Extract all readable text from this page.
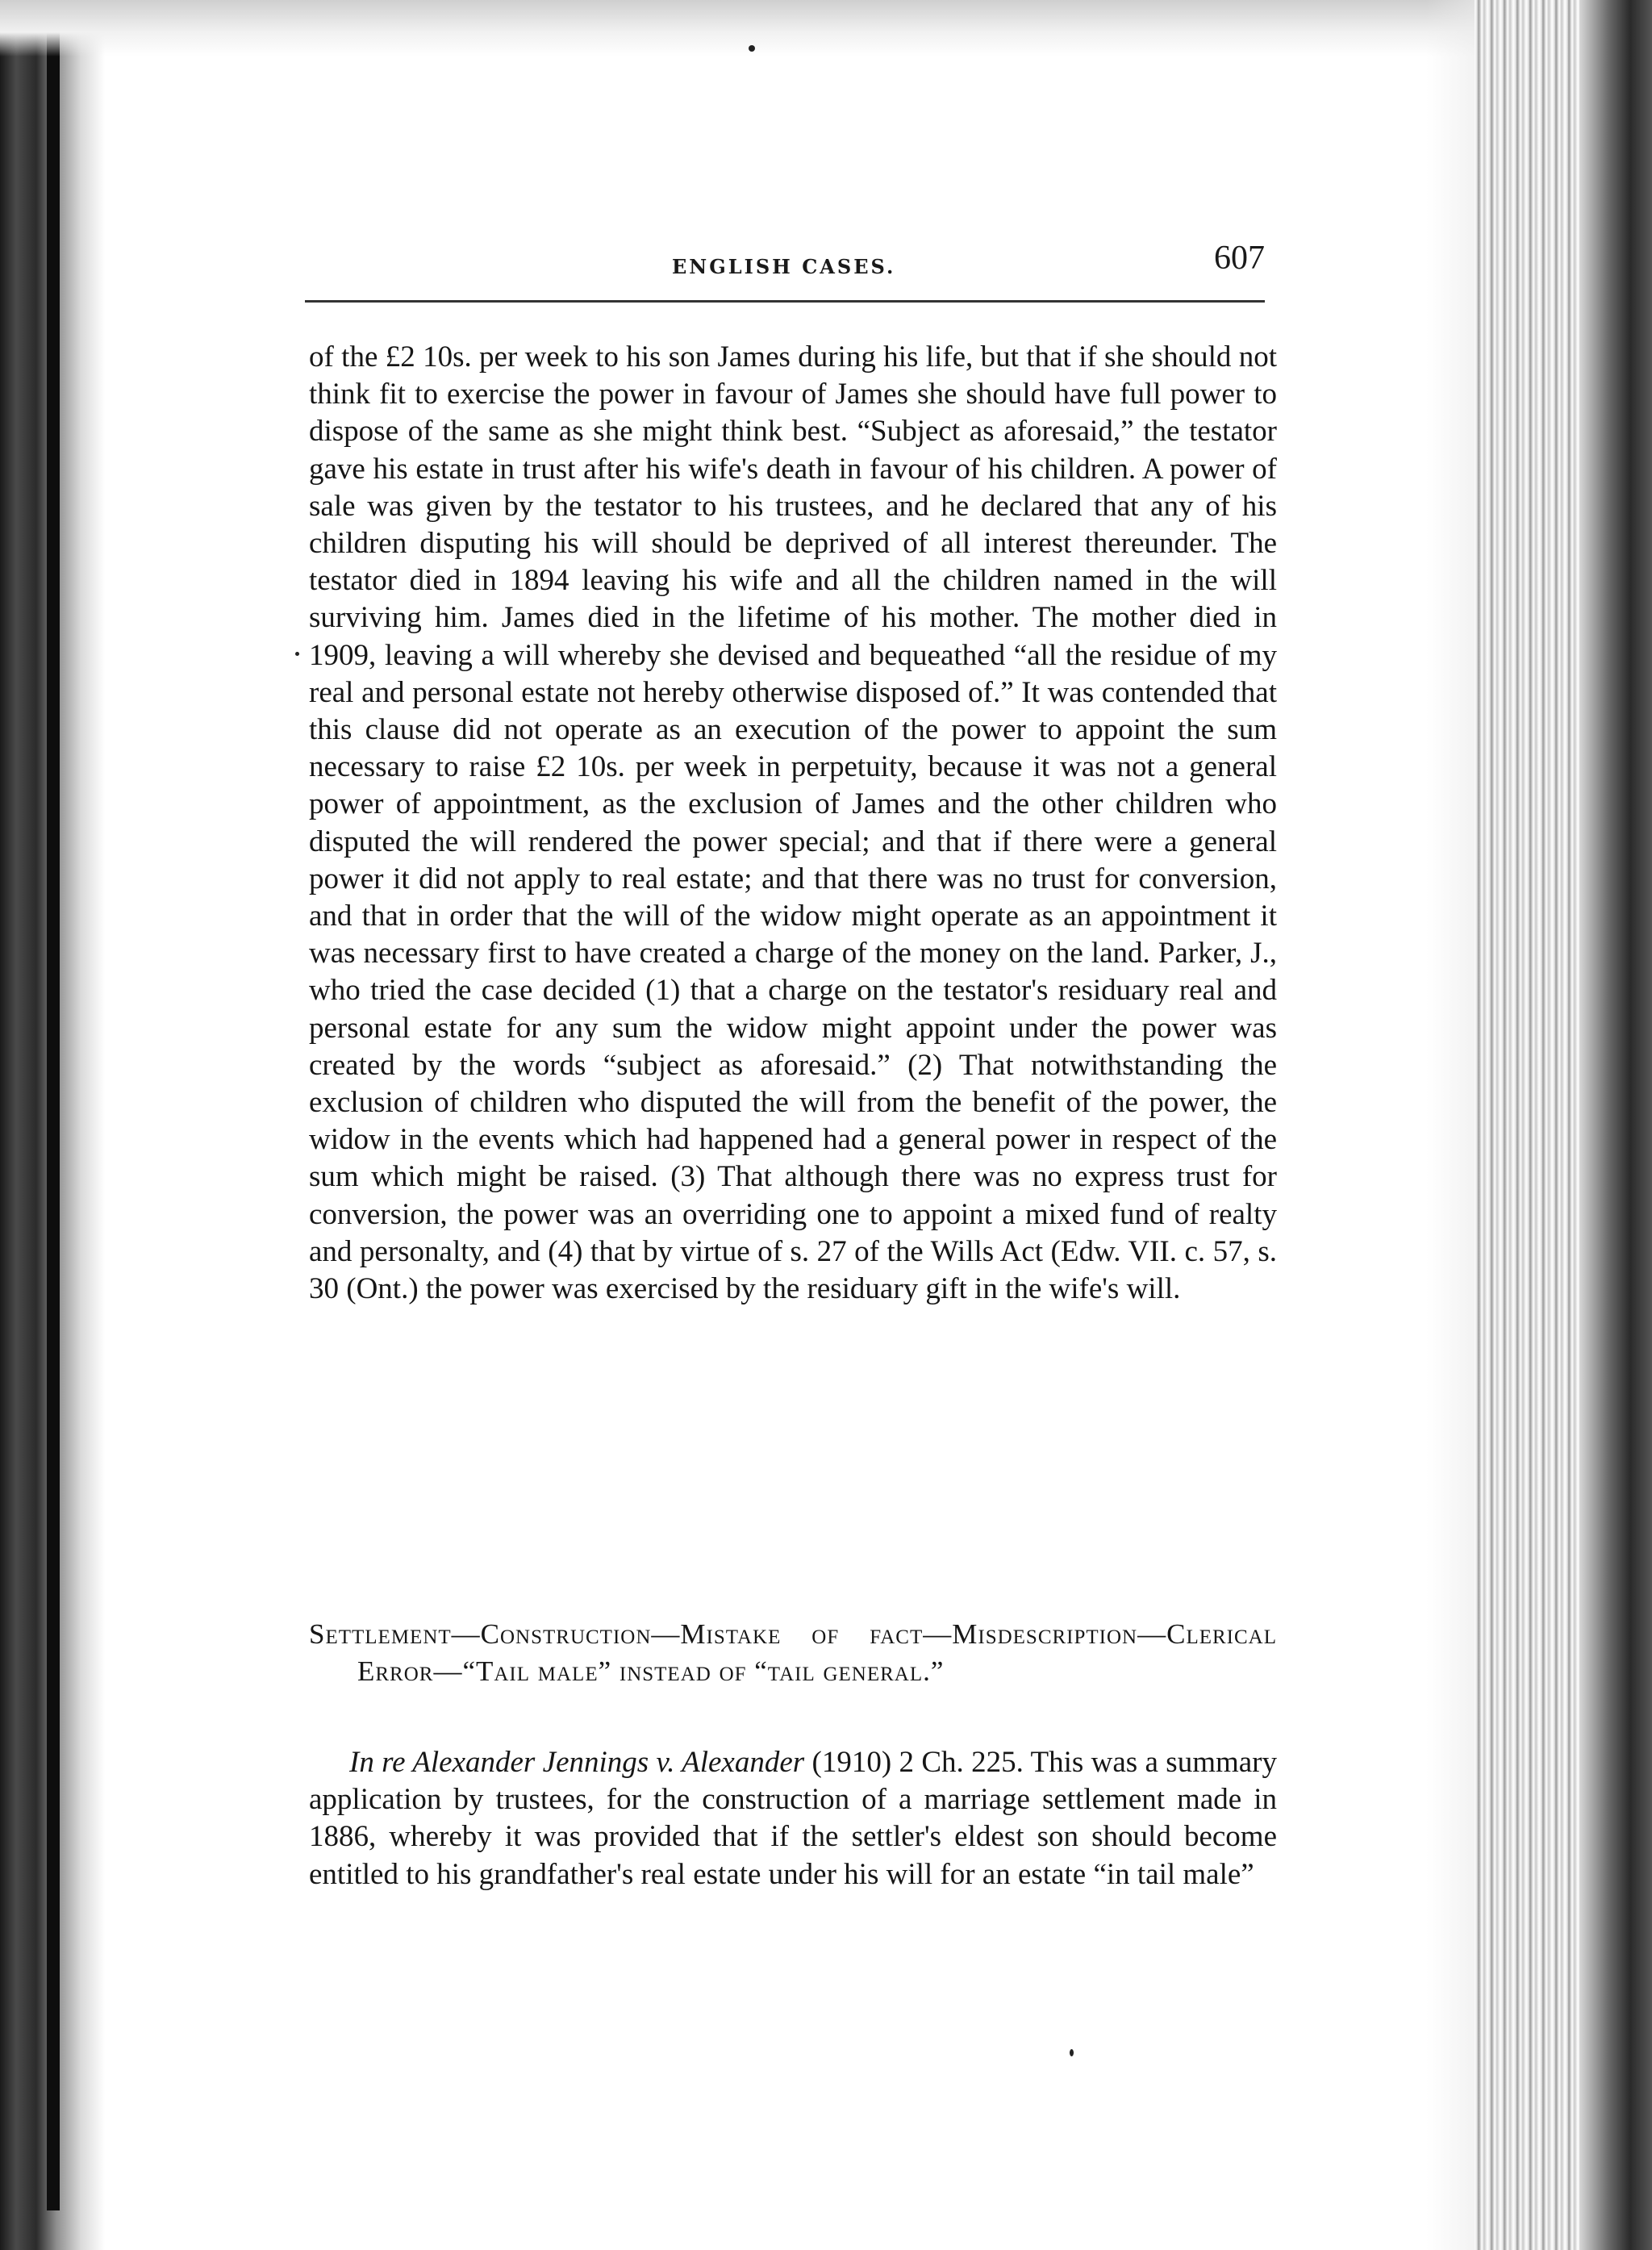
ENGLISH CASES.	607

of the £2 10s. per week to his son James during his life, but that if she should not think fit to exercise the power in favour of James she should have full power to dispose of the same as she might think best. “Subject as aforesaid,” the testator gave his estate in trust after his wife's death in favour of his children. A power of sale was given by the testator to his trustees, and he declared that any of his children disputing his will should be deprived of all interest thereunder. The testator died in 1894 leaving his wife and all the children named in the will surviving him. James died in the lifetime of his mother. The mother died in 1909, leaving a will whereby she devised and bequeathed “all the residue of my real and personal estate not hereby otherwise disposed of.” It was contended that this clause did not operate as an execution of the power to appoint the sum necessary to raise £2 10s. per week in perpetuity, because it was not a general power of appointment, as the exclusion of James and the other children who disputed the will rendered the power special; and that if there were a general power it did not apply to real estate; and that there was no trust for conversion, and that in order that the will of the widow might operate as an appointment it was necessary first to have created a charge of the money on the land. Parker, J., who tried the case decided (1) that a charge on the testator's residuary real and personal estate for any sum the widow might appoint under the power was created by the words “subject as aforesaid.” (2) That notwithstanding the exclusion of children who disputed the will from the benefit of the power, the widow in the events which had happened had a general power in respect of the sum which might be raised. (3) That although there was no express trust for conversion, the power was an overriding one to appoint a mixed fund of realty and personalty, and (4) that by virtue of s. 27 of the Wills Act (Edw. VII. c. 57, s. 30 (Ont.) the power was exercised by the residuary gift in the wife's will.

Settlement—Construction—Mistake of fact—Misdescription—Clerical Error—“Tail male” instead of “tail general.”

In re Alexander Jennings v. Alexander (1910) 2 Ch. 225. This was a summary application by trustees, for the construction of a marriage settlement made in 1886, whereby it was provided that if the settler's eldest son should become entitled to his grandfather's real estate under his will for an estate “in tail male”
